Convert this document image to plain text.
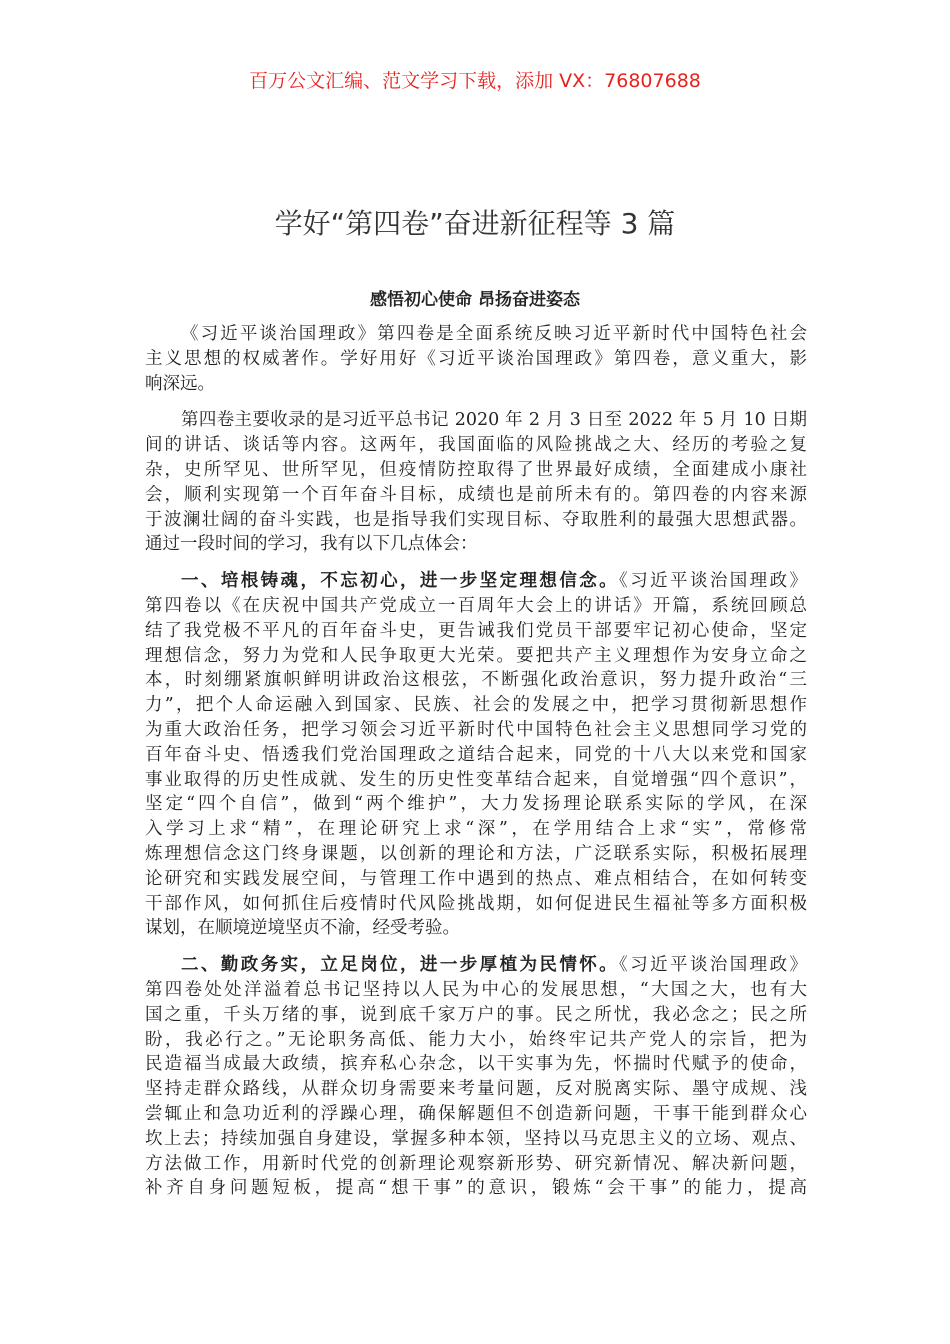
百万公文汇编、范文学习下载，添加 VX：76807688
学好“第四卷”奋进新征程等 3 篇
感悟初心使命 昂扬奋进姿态
《习近平谈治国理政》第四卷是全面系统反映习近平新时代中国特色社会
主义思想的权威著作。学好用好《习近平谈治国理政》第四卷，意义重大，影
响深远。
第四卷主要收录的是习近平总书记 2020 年 2 月 3 日至 2022 年 5 月 10 日期
间的讲话、谈话等内容。这两年，我国面临的风险挑战之大、经历的考验之复
杂，史所罕见、世所罕见，但疫情防控取得了世界最好成绩，全面建成小康社
会，顺利实现第一个百年奋斗目标，成绩也是前所未有的。第四卷的内容来源
于波澜壮阔的奋斗实践，也是指导我们实现目标、夺取胜利的最强大思想武器。
通过一段时间的学习，我有以下几点体会：
一、培根铸魂，不忘初心，进一步坚定理想信念。《习近平谈治国理政》
第四卷以《在庆祝中国共产党成立一百周年大会上的讲话》开篇，系统回顾总
结了我党极不平凡的百年奋斗史，更告诫我们党员干部要牢记初心使命，坚定
理想信念，努力为党和人民争取更大光荣。要把共产主义理想作为安身立命之
本，时刻绷紧旗帜鲜明讲政治这根弦，不断强化政治意识，努力提升政治“三
力”，把个人命运融入到国家、民族、社会的发展之中，把学习贯彻新思想作
为重大政治任务，把学习领会习近平新时代中国特色社会主义思想同学习党的
百年奋斗史、悟透我们党治国理政之道结合起来，同党的十八大以来党和国家
事业取得的历史性成就、发生的历史性变革结合起来，自觉增强“四个意识”，
坚定“四个自信”，做到“两个维护”，大力发扬理论联系实际的学风，在深
入学习上求“精”，在理论研究上求“深”，在学用结合上求“实”，常修常
炼理想信念这门终身课题，以创新的理论和方法，广泛联系实际，积极拓展理
论研究和实践发展空间，与管理工作中遇到的热点、难点相结合，在如何转变
干部作风，如何抓住后疫情时代风险挑战期，如何促进民生福祉等多方面积极
谋划，在顺境逆境坚贞不渝，经受考验。
二、勤政务实，立足岗位，进一步厚植为民情怀。《习近平谈治国理政》
第四卷处处洋溢着总书记坚持以人民为中心的发展思想，“大国之大，也有大
国之重，千头万绪的事，说到底千家万户的事。民之所忧，我必念之；民之所
盼，我必行之。”无论职务高低、能力大小，始终牢记共产党人的宗旨，把为
民造福当成最大政绩，摈弃私心杂念，以干实事为先，怀揣时代赋予的使命，
坚持走群众路线，从群众切身需要来考量问题，反对脱离实际、墨守成规、浅
尝辄止和急功近利的浮躁心理，确保解题但不创造新问题，干事干能到群众心
坎上去；持续加强自身建设，掌握多种本领，坚持以马克思主义的立场、观点、
方法做工作，用新时代党的创新理论观察新形势、研究新情况、解决新问题，
补齐自身问题短板，提高“想干事”的意识，锻炼“会干事”的能力，提高
